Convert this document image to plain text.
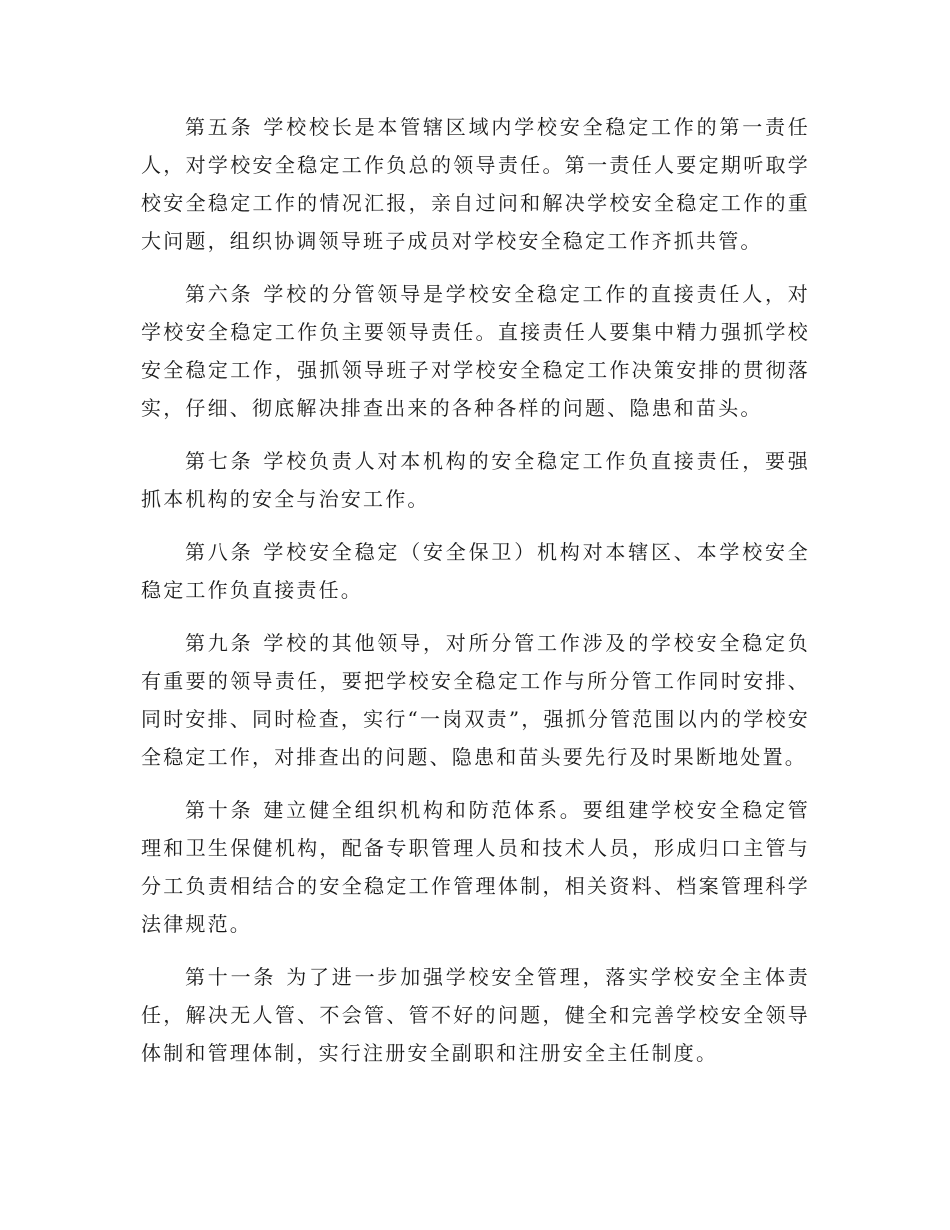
第五条 学校校长是本管辖区域内学校安全稳定工作的第一责任人，对学校安全稳定工作负总的领导责任。第一责任人要定期听取学校安全稳定工作的情况汇报，亲自过问和解决学校安全稳定工作的重大问题，组织协调领导班子成员对学校安全稳定工作齐抓共管。

第六条 学校的分管领导是学校安全稳定工作的直接责任人，对学校安全稳定工作负主要领导责任。直接责任人要集中精力强抓学校安全稳定工作，强抓领导班子对学校安全稳定工作决策安排的贯彻落实，仔细、彻底解决排查出来的各种各样的问题、隐患和苗头。

第七条 学校负责人对本机构的安全稳定工作负直接责任，要强抓本机构的安全与治安工作。

第八条 学校安全稳定（安全保卫）机构对本辖区、本学校安全稳定工作负直接责任。

第九条 学校的其他领导，对所分管工作涉及的学校安全稳定负有重要的领导责任，要把学校安全稳定工作与所分管工作同时安排、同时安排、同时检查，实行“一岗双责”，强抓分管范围以内的学校安全稳定工作，对排查出的问题、隐患和苗头要先行及时果断地处置。

第十条 建立健全组织机构和防范体系。要组建学校安全稳定管理和卫生保健机构，配备专职管理人员和技术人员，形成归口主管与分工负责相结合的安全稳定工作管理体制，相关资料、档案管理科学法律规范。

第十一条 为了进一步加强学校安全管理，落实学校安全主体责任，解决无人管、不会管、管不好的问题，健全和完善学校安全领导体制和管理体制，实行注册安全副职和注册安全主任制度。
